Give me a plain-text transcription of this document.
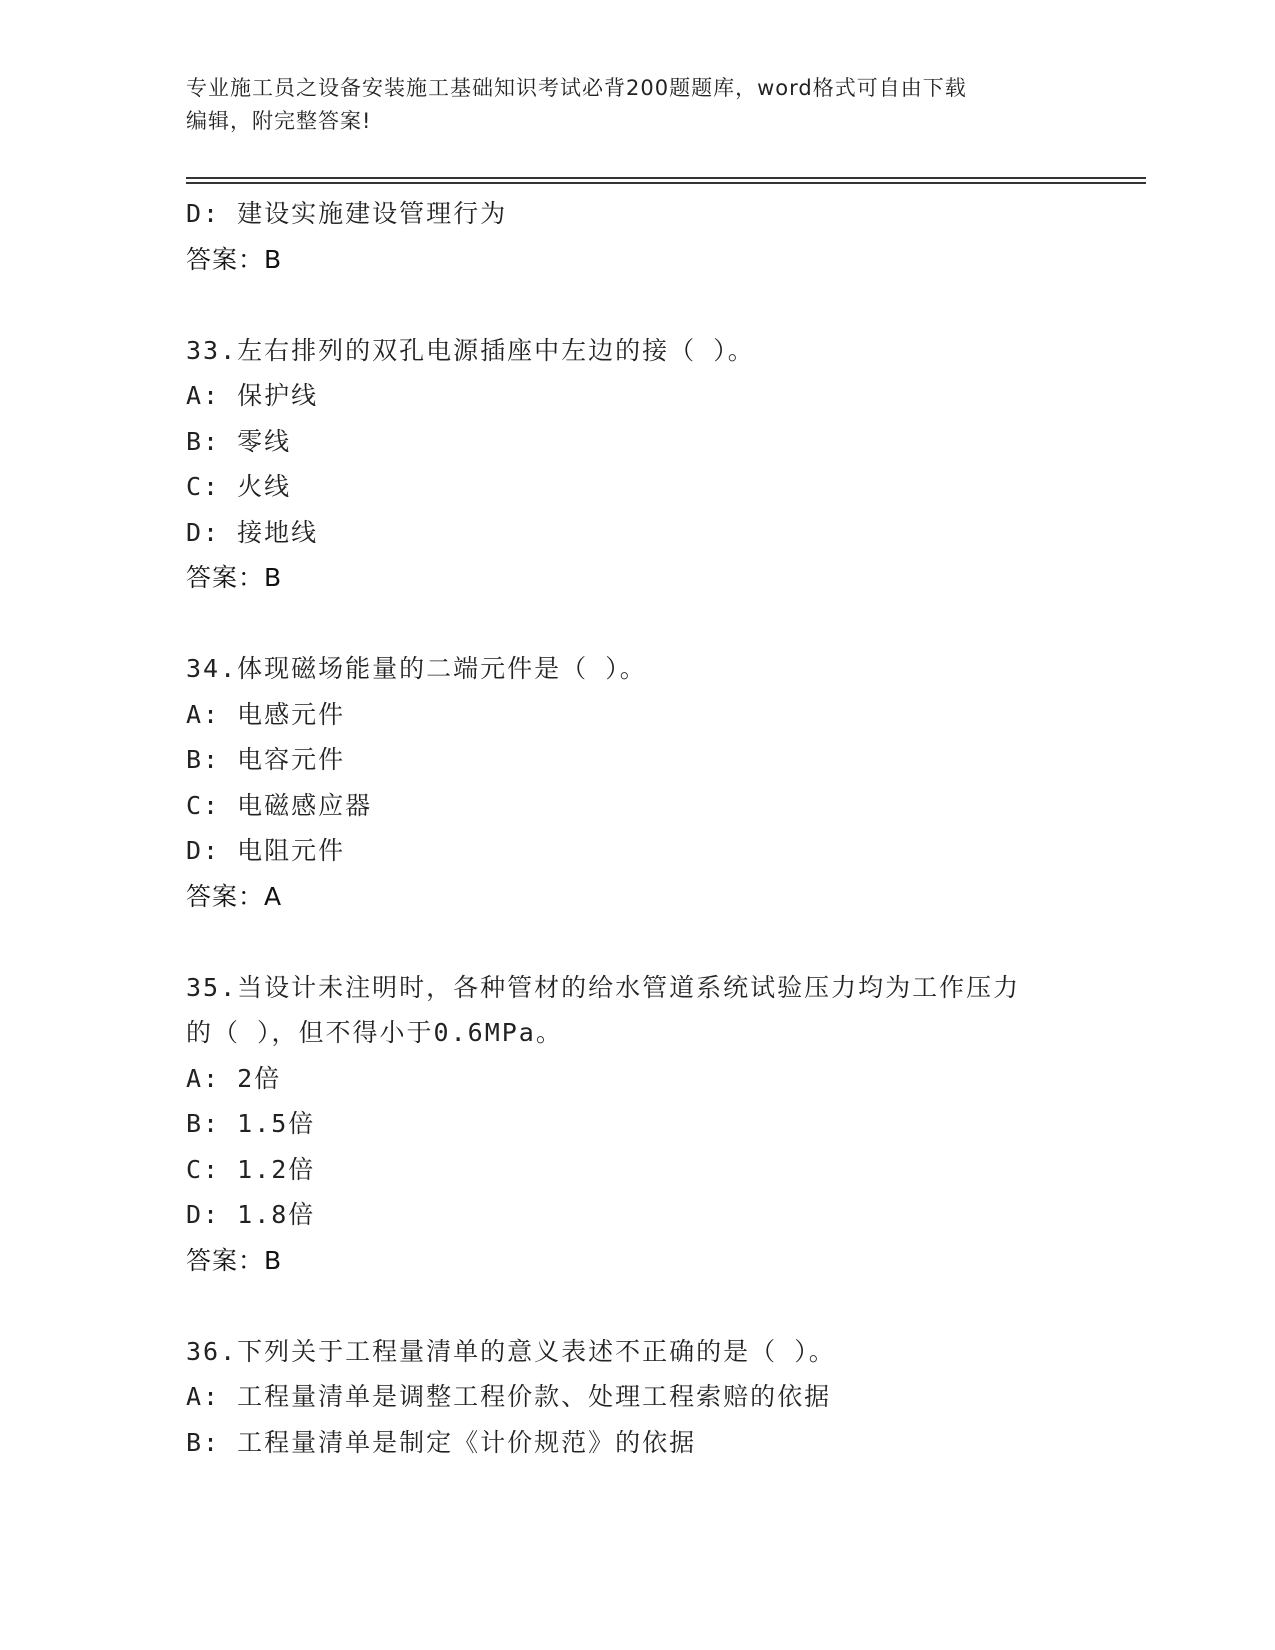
专业施工员之设备安装施工基础知识考试必背200题题库，word格式可自由下载
编辑，附完整答案!
D: 建设实施建设管理行为
答案：B
33.左右排列的双孔电源插座中左边的接（ ）。
A: 保护线
B: 零线
C: 火线
D: 接地线
答案：B
34.体现磁场能量的二端元件是（ ）。
A: 电感元件
B: 电容元件
C: 电磁感应器
D: 电阻元件
答案：A
35.当设计未注明时，各种管材的给水管道系统试验压力均为工作压力
的（ ），但不得小于0.6MPa。
A: 2倍
B: 1.5倍
C: 1.2倍
D: 1.8倍
答案：B
36.下列关于工程量清单的意义表述不正确的是（ ）。
A: 工程量清单是调整工程价款、处理工程索赔的依据
B: 工程量清单是制定《计价规范》的依据
